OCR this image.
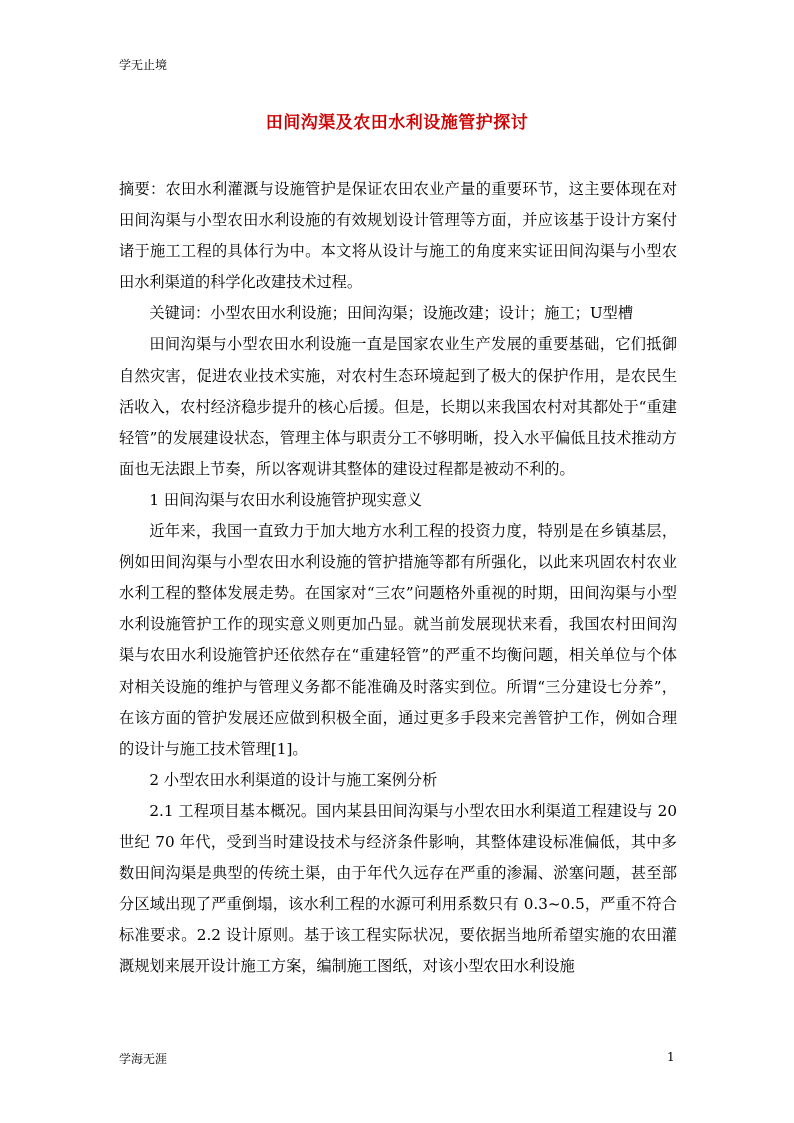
学无止境
田间沟渠及农田水利设施管护探讨

摘要：农田水利灌溉与设施管护是保证农田农业产量的重要环节，这主要体现在对田间沟渠与小型农田水利设施的有效规划设计管理等方面，并应该基于设计方案付诸于施工工程的具体行为中。本文将从设计与施工的角度来实证田间沟渠与小型农田水利渠道的科学化改建技术过程。

关键词：小型农田水利设施；田间沟渠；设施改建；设计；施工；U型槽

田间沟渠与小型农田水利设施一直是国家农业生产发展的重要基础，它们抵御自然灾害，促进农业技术实施，对农村生态环境起到了极大的保护作用，是农民生活收入，农村经济稳步提升的核心后援。但是，长期以来我国农村对其都处于“重建轻管”的发展建设状态，管理主体与职责分工不够明晰，投入水平偏低且技术推动方面也无法跟上节奏，所以客观讲其整体的建设过程都是被动不利的。

1 田间沟渠与农田水利设施管护现实意义

近年来，我国一直致力于加大地方水利工程的投资力度，特别是在乡镇基层，例如田间沟渠与小型农田水利设施的管护措施等都有所强化，以此来巩固农村农业水利工程的整体发展走势。在国家对“三农”问题格外重视的时期，田间沟渠与小型水利设施管护工作的现实意义则更加凸显。就当前发展现状来看，我国农村田间沟渠与农田水利设施管护还依然存在“重建轻管”的严重不均衡问题，相关单位与个体对相关设施的维护与管理义务都不能准确及时落实到位。所谓“三分建设七分养”，在该方面的管护发展还应做到积极全面，通过更多手段来完善管护工作，例如合理的设计与施工技术管理[1]。

2 小型农田水利渠道的设计与施工案例分析

2.1 工程项目基本概况。国内某县田间沟渠与小型农田水利渠道工程建设与 20 世纪 70 年代，受到当时建设技术与经济条件影响，其整体建设标准偏低，其中多数田间沟渠是典型的传统土渠，由于年代久远存在严重的渗漏、淤塞问题，甚至部分区域出现了严重倒塌，该水利工程的水源可利用系数只有 0.3~0.5，严重不符合标准要求。2.2 设计原则。基于该工程实际状况，要依据当地所希望实施的农田灌溉规划来展开设计施工方案，编制施工图纸，对该小型农田水利设施

学海无涯	1
